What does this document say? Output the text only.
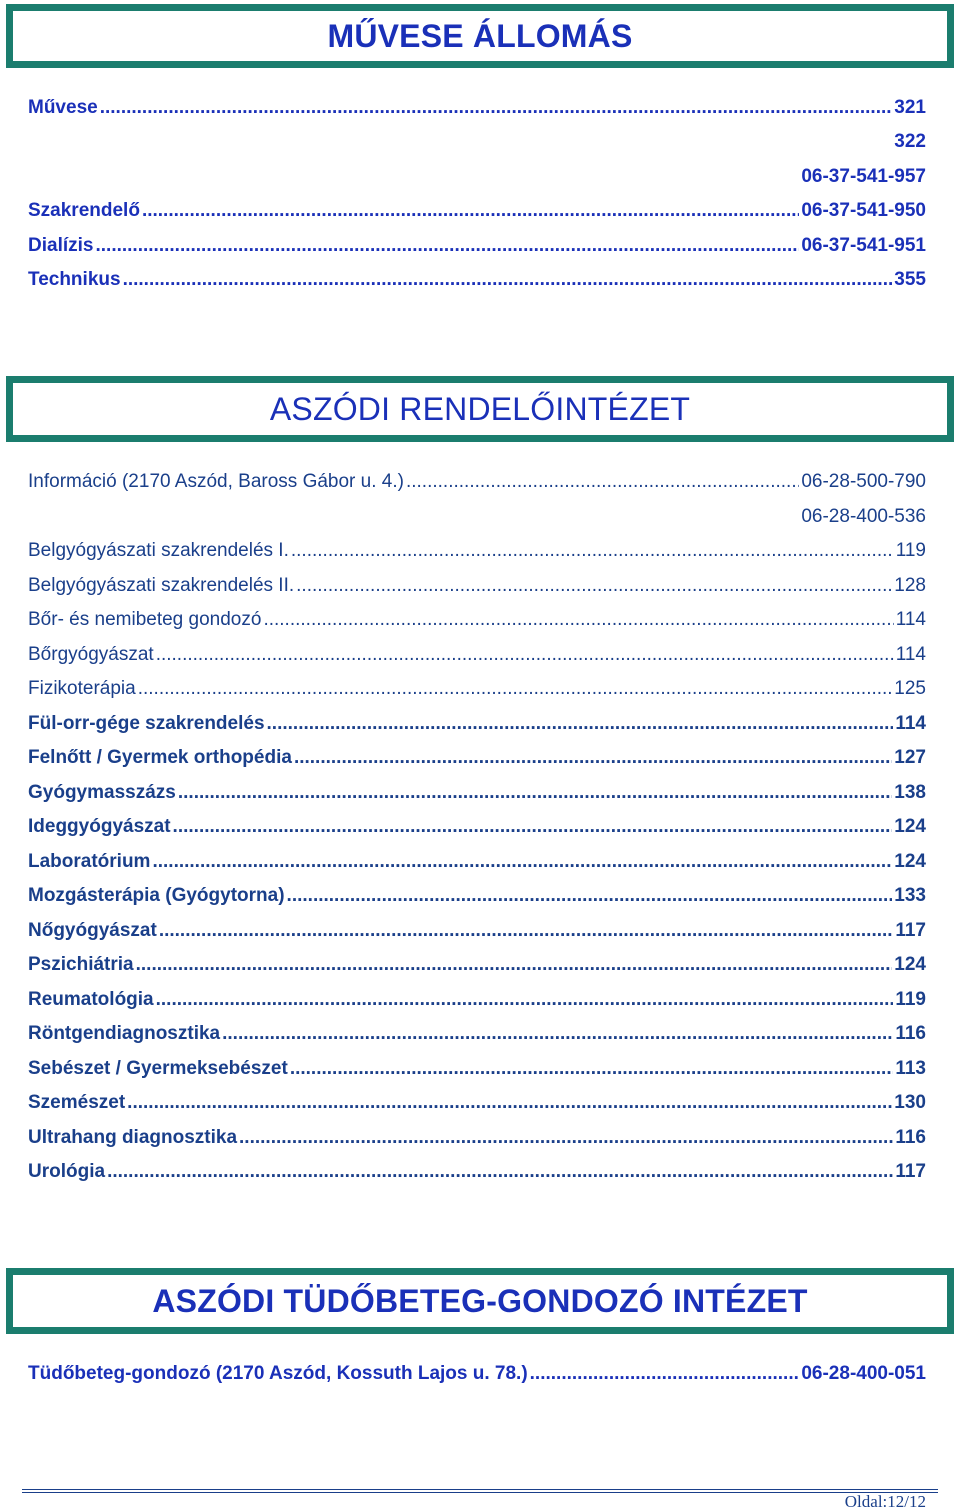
MŰVESE ÁLLOMÁS
Művese .....	321
322
06-37-541-957
Szakrendelő .....	06-37-541-950
Dialízis .....	06-37-541-951
Technikus .....	355
ASZÓDI RENDELŐINTÉZET
Információ (2170 Aszód, Baross Gábor u. 4.) .....	06-28-500-790
06-28-400-536
Belgyógyászati szakrendelés I. .....	119
Belgyógyászati szakrendelés II. .....	128
Bőr- és nemibeteg gondozó .....	114
Bőrgyógyászat .....	114
Fizikoterápia .....	125
Fül-orr-gége szakrendelés .....	114
Felnőtt / Gyermek orthopédia .....	127
Gyógymasszázs .....	138
Ideggyógyászat .....	124
Laboratórium .....	124
Mozgásterápia (Gyógytorna) .....	133
Nőgyógyászat .....	117
Pszichiátria .....	124
Reumatológia .....	119
Röntgendiagnosztika .....	116
Sebészet / Gyermeksebészet .....	113
Szemészet .....	130
Ultrahang diagnosztika .....	116
Urológia .....	117
ASZÓDI TÜDŐBETEG-GONDOZÓ INTÉZET
Tüdőbeteg-gondozó (2170 Aszód, Kossuth Lajos u. 78.) .....	06-28-400-051
Oldal:12/12
